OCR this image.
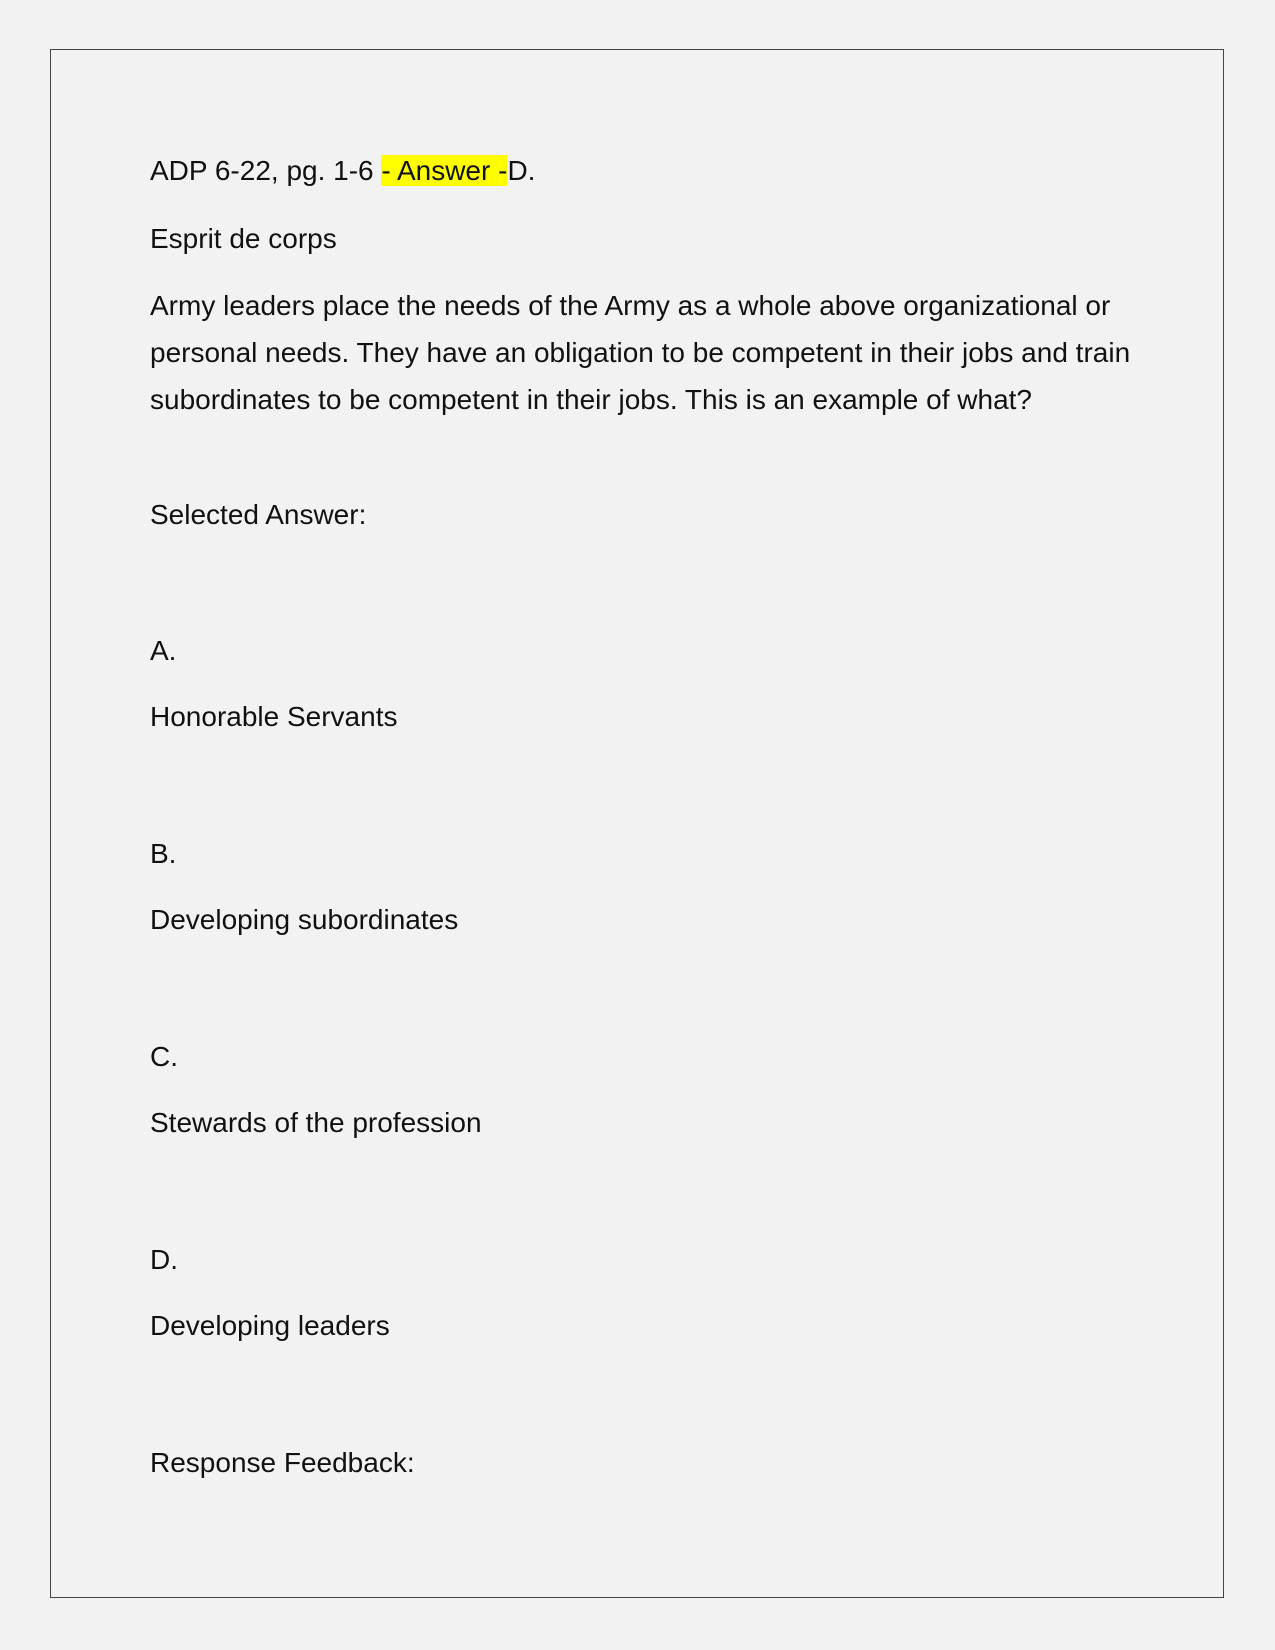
ADP 6-22, pg. 1-6 - Answer -D.
Esprit de corps
Army leaders place the needs of the Army as a whole above organizational or personal needs. They have an obligation to be competent in their jobs and train subordinates to be competent in their jobs. This is an example of what?
Selected Answer:
A.
Honorable Servants
B.
Developing subordinates
C.
Stewards of the profession
D.
Developing leaders
Response Feedback:
